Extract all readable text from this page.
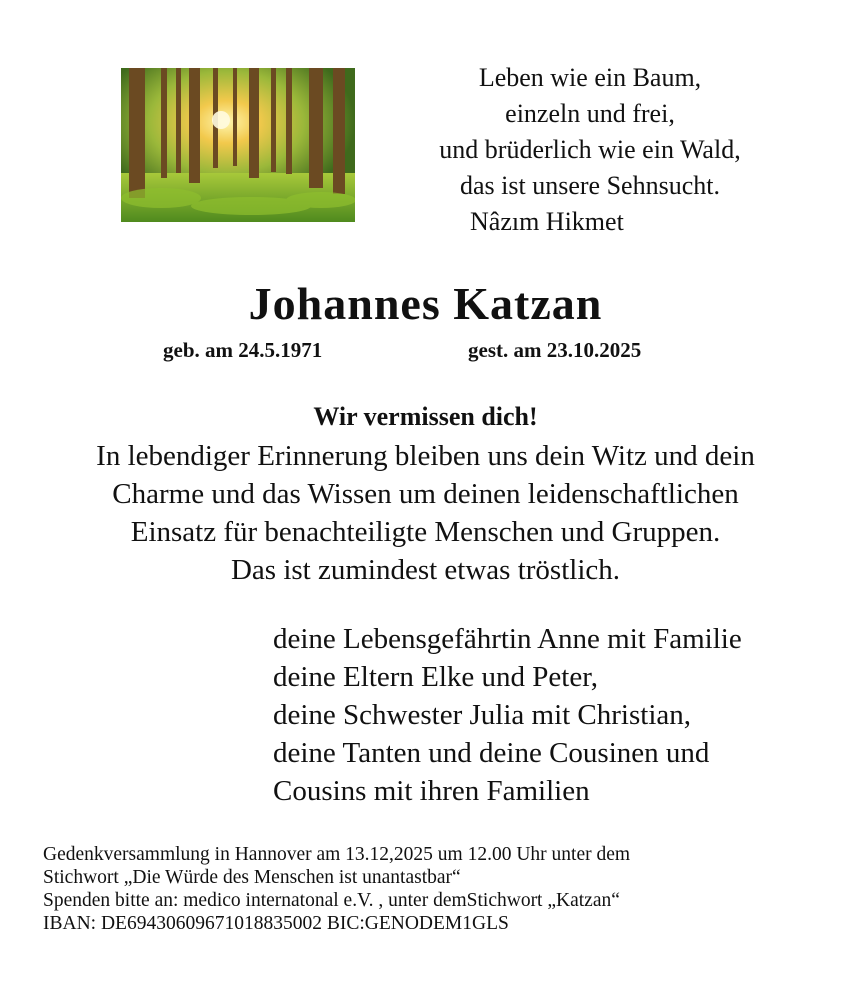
Leben wie ein Baum,
einzeln und frei,
und brüderlich wie ein Wald,
das ist unsere Sehnsucht.
Nâzım Hikmet
Johannes Katzan
geb. am 24.5.1971	gest. am 23.10.2025
Wir vermissen dich!
In lebendiger Erinnerung bleiben uns dein Witz und dein
Charme und das Wissen um deinen leidenschaftlichen
Einsatz für benachteiligte Menschen und Gruppen.
Das ist zumindest etwas tröstlich.
deine Lebensgefährtin Anne mit Familie
deine Eltern Elke und Peter,
deine Schwester Julia mit Christian,
deine Tanten und deine Cousinen und
Cousins mit ihren Familien
Gedenkversammlung in Hannover am 13.12,2025 um 12.00 Uhr unter dem
Stichwort „Die Würde des Menschen ist unantastbar“
Spenden bitte an: medico internatonal e.V. , unter demStichwort „Katzan“
IBAN: DE69430609671018835002 BIC:GENODEM1GLS
